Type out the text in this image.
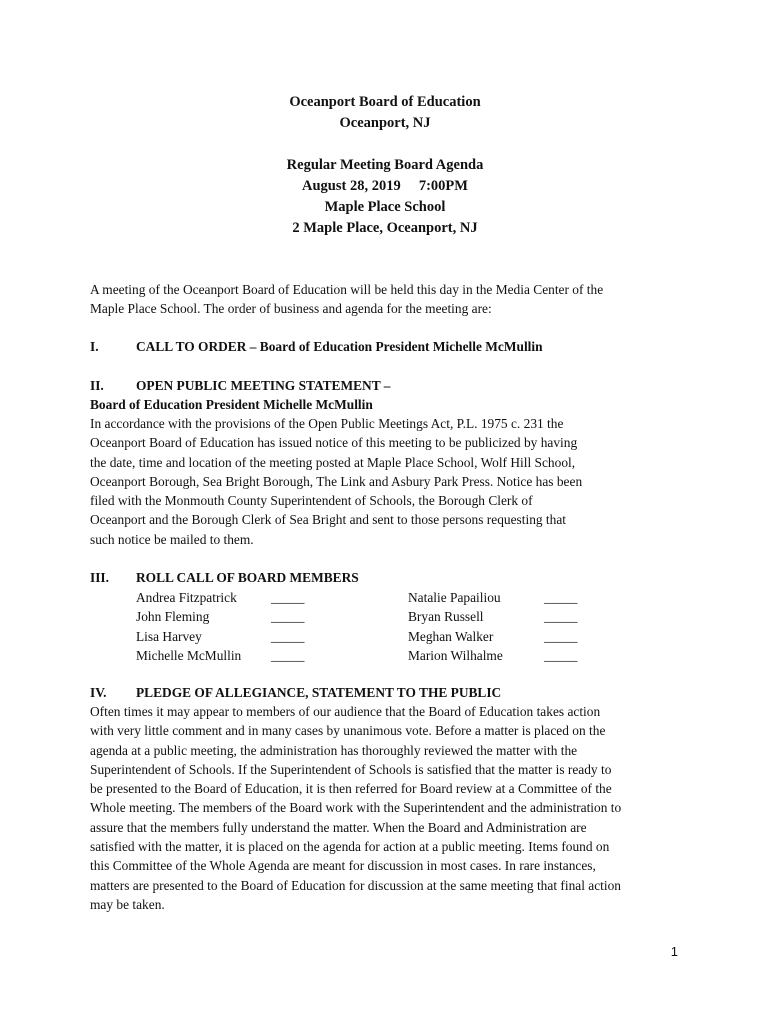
Oceanport Board of Education
Oceanport, NJ
Regular Meeting Board Agenda
August 28, 2019     7:00PM
Maple Place School
2 Maple Place, Oceanport, NJ
A meeting of the Oceanport Board of Education will be held this day in the Media Center of the
Maple Place School. The order of business and agenda for the meeting are:
I.	CALL TO ORDER – Board of Education President Michelle McMullin
II. OPEN PUBLIC MEETING STATEMENT –
Board of Education President Michelle McMullin
In accordance with the provisions of the Open Public Meetings Act, P.L. 1975 c. 231 the
Oceanport Board of Education has issued notice of this meeting to be publicized by having
the date, time and location of the meeting posted at Maple Place School, Wolf Hill School,
Oceanport Borough, Sea Bright Borough, The Link and Asbury Park Press. Notice has been
filed with the Monmouth County Superintendent of Schools, the Borough Clerk of
Oceanport and the Borough Clerk of Sea Bright and sent to those persons requesting that
such notice be mailed to them.
III. ROLL CALL OF BOARD MEMBERS
Andrea Fitzpatrick	_____	Natalie Papailiou	_____
John Fleming	_____	Bryan Russell	_____
Lisa Harvey	_____	Meghan Walker	_____
Michelle McMullin _____	Marion Wilhalme	_____
IV. PLEDGE OF ALLEGIANCE, STATEMENT TO THE PUBLIC
Often times it may appear to members of our audience that the Board of Education takes action
with very little comment and in many cases by unanimous vote. Before a matter is placed on the
agenda at a public meeting, the administration has thoroughly reviewed the matter with the
Superintendent of Schools. If the Superintendent of Schools is satisfied that the matter is ready to
be presented to the Board of Education, it is then referred for Board review at a Committee of the
Whole meeting. The members of the Board work with the Superintendent and the administration to
assure that the members fully understand the matter. When the Board and Administration are
satisfied with the matter, it is placed on the agenda for action at a public meeting. Items found on
this Committee of the Whole Agenda are meant for discussion in most cases. In rare instances,
matters are presented to the Board of Education for discussion at the same meeting that final action
may be taken.
1
